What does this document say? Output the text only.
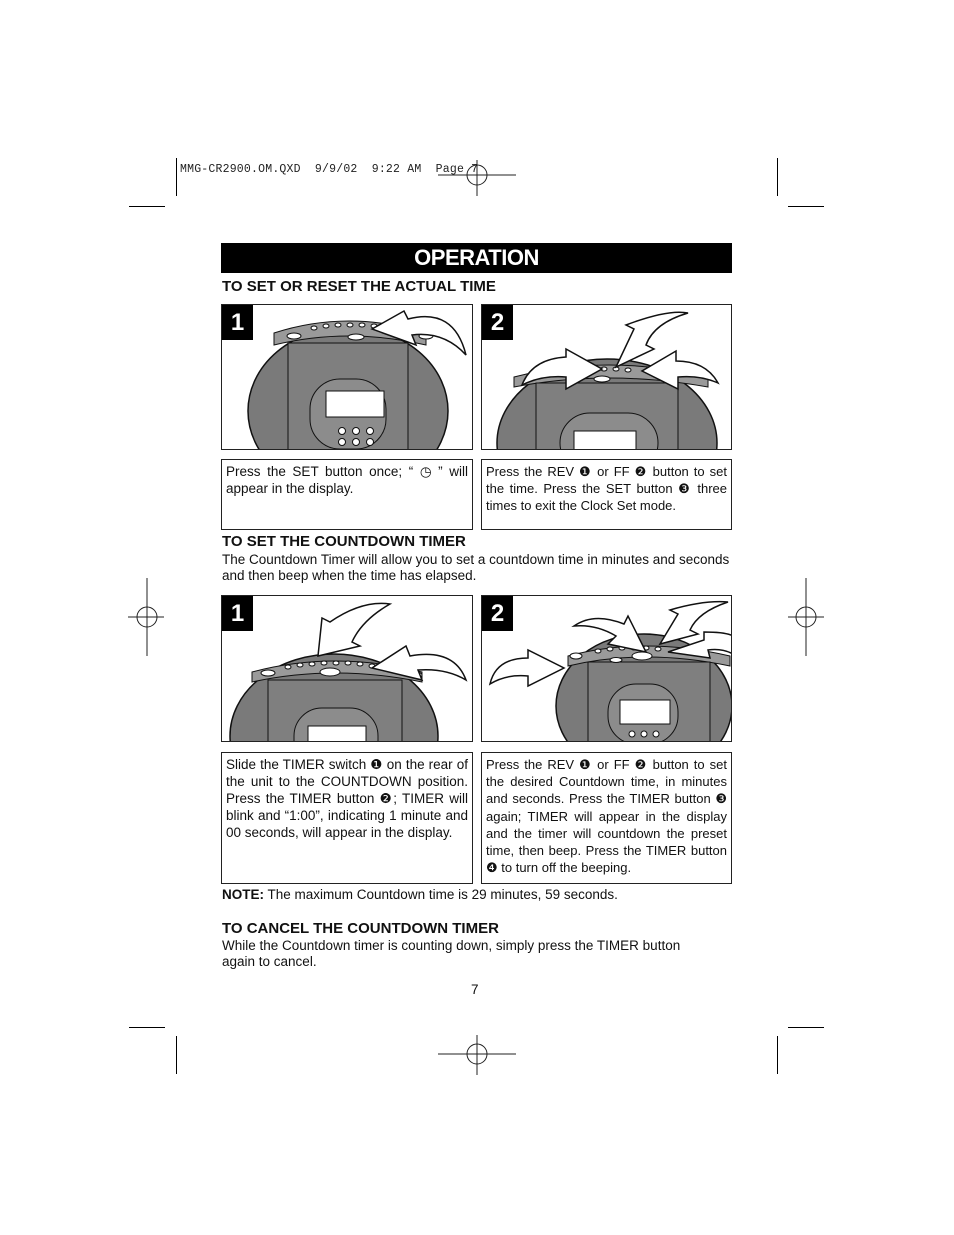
MMG-CR2900.OM.QXD  9/9/02  9:22 AM  Page 7
OPERATION
TO SET OR RESET THE ACTUAL TIME
1	2
Press the SET button once; “ ◷ ” will appear in the display.
Press the REV ❶ or FF ❷ button to set the time. Press the SET button ❸ three times to exit the Clock Set mode.
TO SET THE COUNTDOWN TIMER
The Countdown Timer will allow you to set a countdown time in minutes and seconds and then beep when the time has elapsed.
1	2
Slide the TIMER switch ❶ on the rear of the unit to the COUNTDOWN position. Press the TIMER button ❷; TIMER will blink and “1:00”, indicating 1 minute and 00 seconds, will appear in the display.
Press the REV ❶ or FF ❷ button to set the desired Countdown time, in minutes and seconds. Press the TIMER button ❸ again; TIMER will appear in the display and the timer will countdown the preset time, then beep. Press the TIMER button ❹ to turn off the beeping.
NOTE: The maximum Countdown time is 29 minutes, 59 seconds.
TO CANCEL THE COUNTDOWN TIMER
While the Countdown timer is counting down, simply press the TIMER button again to cancel.
7
